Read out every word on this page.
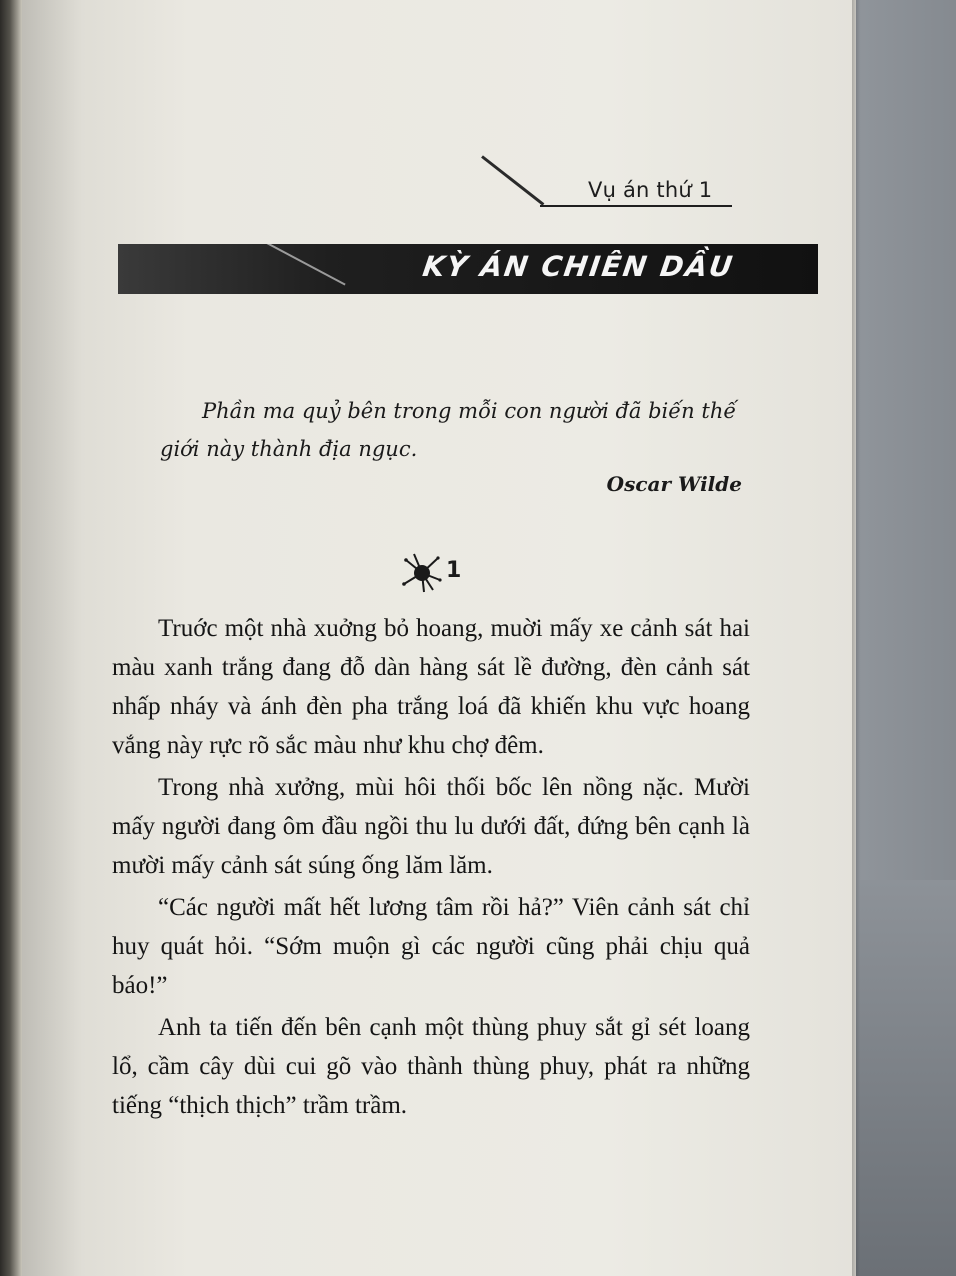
Vụ án thứ 1
KỲ ÁN CHIÊN DẦU
Phần ma quỷ bên trong mỗi con người đã biến thế giới này thành địa ngục.
Oscar Wilde
1

Truớc một nhà xuởng bỏ hoang, muời mấy xe cảnh sát hai màu xanh trắng đang đỗ dàn hàng sát lề đường, đèn cảnh sát nhấp nháy và ánh đèn pha trắng loá đã khiến khu vực hoang vắng này rực rõ sắc màu như khu chợ đêm.

Trong nhà xưởng, mùi hôi thối bốc lên nồng nặc. Mười mấy người đang ôm đầu ngồi thu lu dưới đất, đứng bên cạnh là mười mấy cảnh sát súng ống lăm lăm.

“Các người mất hết lương tâm rồi hả?” Viên cảnh sát chỉ huy quát hỏi. “Sớm muộn gì các người cũng phải chịu quả báo!”

Anh ta tiến đến bên cạnh một thùng phuy sắt gỉ sét loang lổ, cầm cây dùi cui gõ vào thành thùng phuy, phát ra những tiếng “thịch thịch” trầm trầm.
